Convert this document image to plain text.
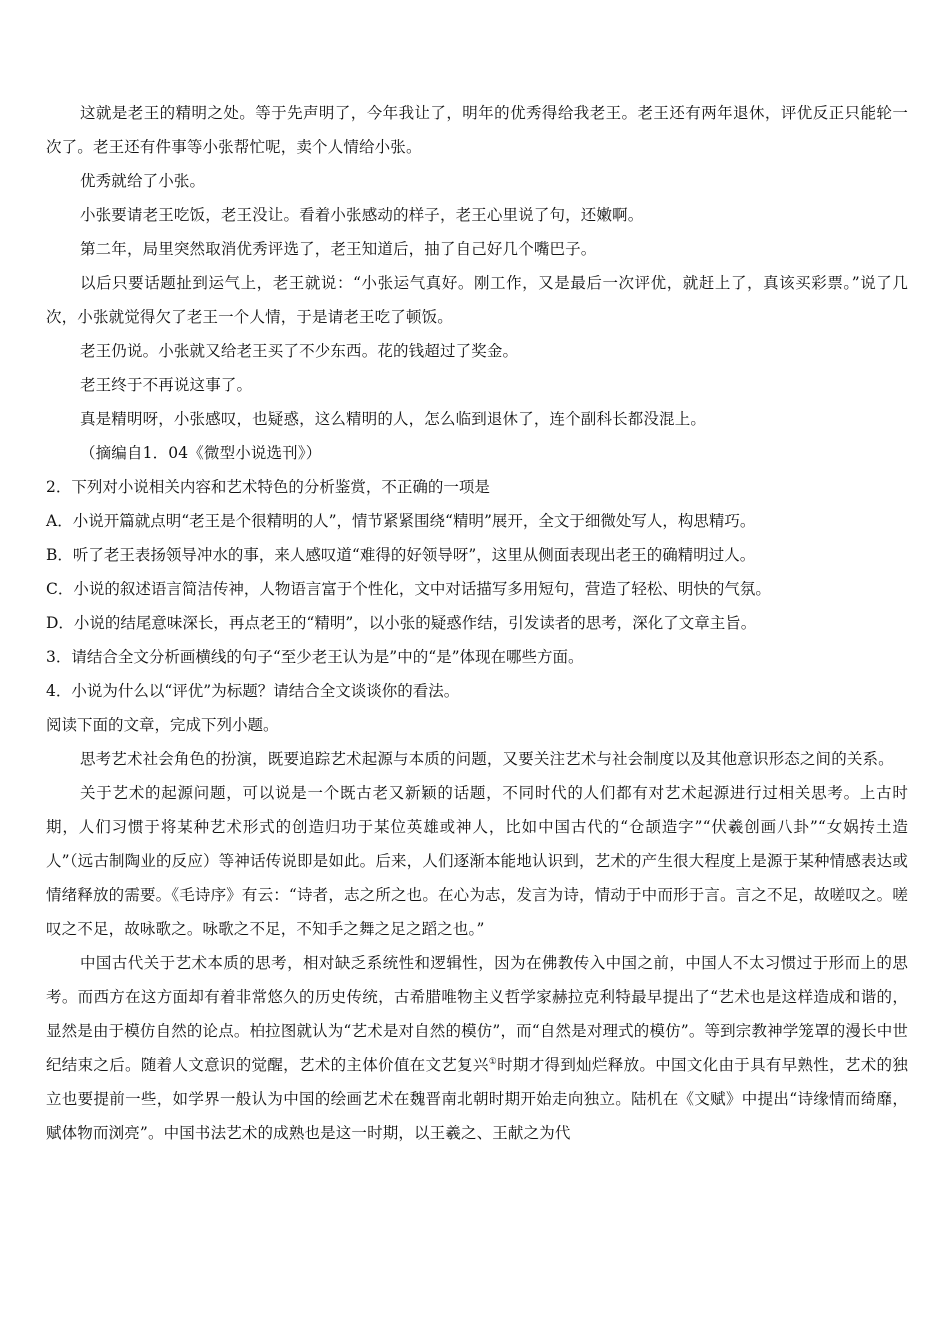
这就是老王的精明之处。等于先声明了，今年我让了，明年的优秀得给我老王。老王还有两年退休，评优反正只能轮一次了。老王还有件事等小张帮忙呢，卖个人情给小张。

优秀就给了小张。

小张要请老王吃饭，老王没让。看着小张感动的样子，老王心里说了句，还嫩啊。

第二年，局里突然取消优秀评选了，老王知道后，抽了自己好几个嘴巴子。

以后只要话题扯到运气上，老王就说：“小张运气真好。刚工作，又是最后一次评优，就赶上了，真该买彩票。”说了几次，小张就觉得欠了老王一个人情，于是请老王吃了顿饭。

老王仍说。小张就又给老王买了不少东西。花的钱超过了奖金。

老王终于不再说这事了。

真是精明呀，小张感叹，也疑惑，这么精明的人，怎么临到退休了，连个副科长都没混上。

（摘编自1．04《微型小说选刊》）

2．下列对小说相关内容和艺术特色的分析鉴赏，不正确的一项是

A．小说开篇就点明“老王是个很精明的人”，情节紧紧围绕“精明”展开，全文于细微处写人，构思精巧。

B．听了老王表扬领导冲水的事，来人感叹道“难得的好领导呀”，这里从侧面表现出老王的确精明过人。

C．小说的叙述语言简洁传神，人物语言富于个性化，文中对话描写多用短句，营造了轻松、明快的气氛。

D．小说的结尾意味深长，再点老王的“精明”，以小张的疑惑作结，引发读者的思考，深化了文章主旨。

3．请结合全文分析画横线的句子“至少老王认为是”中的“是”体现在哪些方面。

4．小说为什么以“评优”为标题？请结合全文谈谈你的看法。

阅读下面的文章，完成下列小题。

思考艺术社会角色的扮演，既要追踪艺术起源与本质的问题，又要关注艺术与社会制度以及其他意识形态之间的关系。

关于艺术的起源问题，可以说是一个既古老又新颖的话题，不同时代的人们都有对艺术起源进行过相关思考。上古时期，人们习惯于将某种艺术形式的创造归功于某位英雄或神人，比如中国古代的“仓颉造字”“伏羲创画八卦”“女娲抟土造人”（远古制陶业的反应）等神话传说即是如此。后来，人们逐渐本能地认识到，艺术的产生很大程度上是源于某种情感表达或情绪释放的需要。《毛诗序》有云：“诗者，志之所之也。在心为志，发言为诗，情动于中而形于言。言之不足，故嗟叹之。嗟叹之不足，故咏歌之。咏歌之不足，不知手之舞之足之蹈之也。”

中国古代关于艺术本质的思考，相对缺乏系统性和逻辑性，因为在佛教传入中国之前，中国人不太习惯过于形而上的思考。而西方在这方面却有着非常悠久的历史传统，古希腊唯物主义哲学家赫拉克利特最早提出了“艺术也是这样造成和谐的，显然是由于模仿自然的论点。柏拉图就认为“艺术是对自然的模仿”，而“自然是对理式的模仿”。等到宗教神学笼罩的漫长中世纪结束之后。随着人文意识的觉醒，艺术的主体价值在文艺复兴①时期才得到灿烂释放。中国文化由于具有早熟性，艺术的独立也要提前一些，如学界一般认为中国的绘画艺术在魏晋南北朝时期开始走向独立。陆机在《文赋》中提出“诗缘情而绮靡，赋体物而浏亮”。中国书法艺术的成熟也是这一时期，以王羲之、王献之为代
